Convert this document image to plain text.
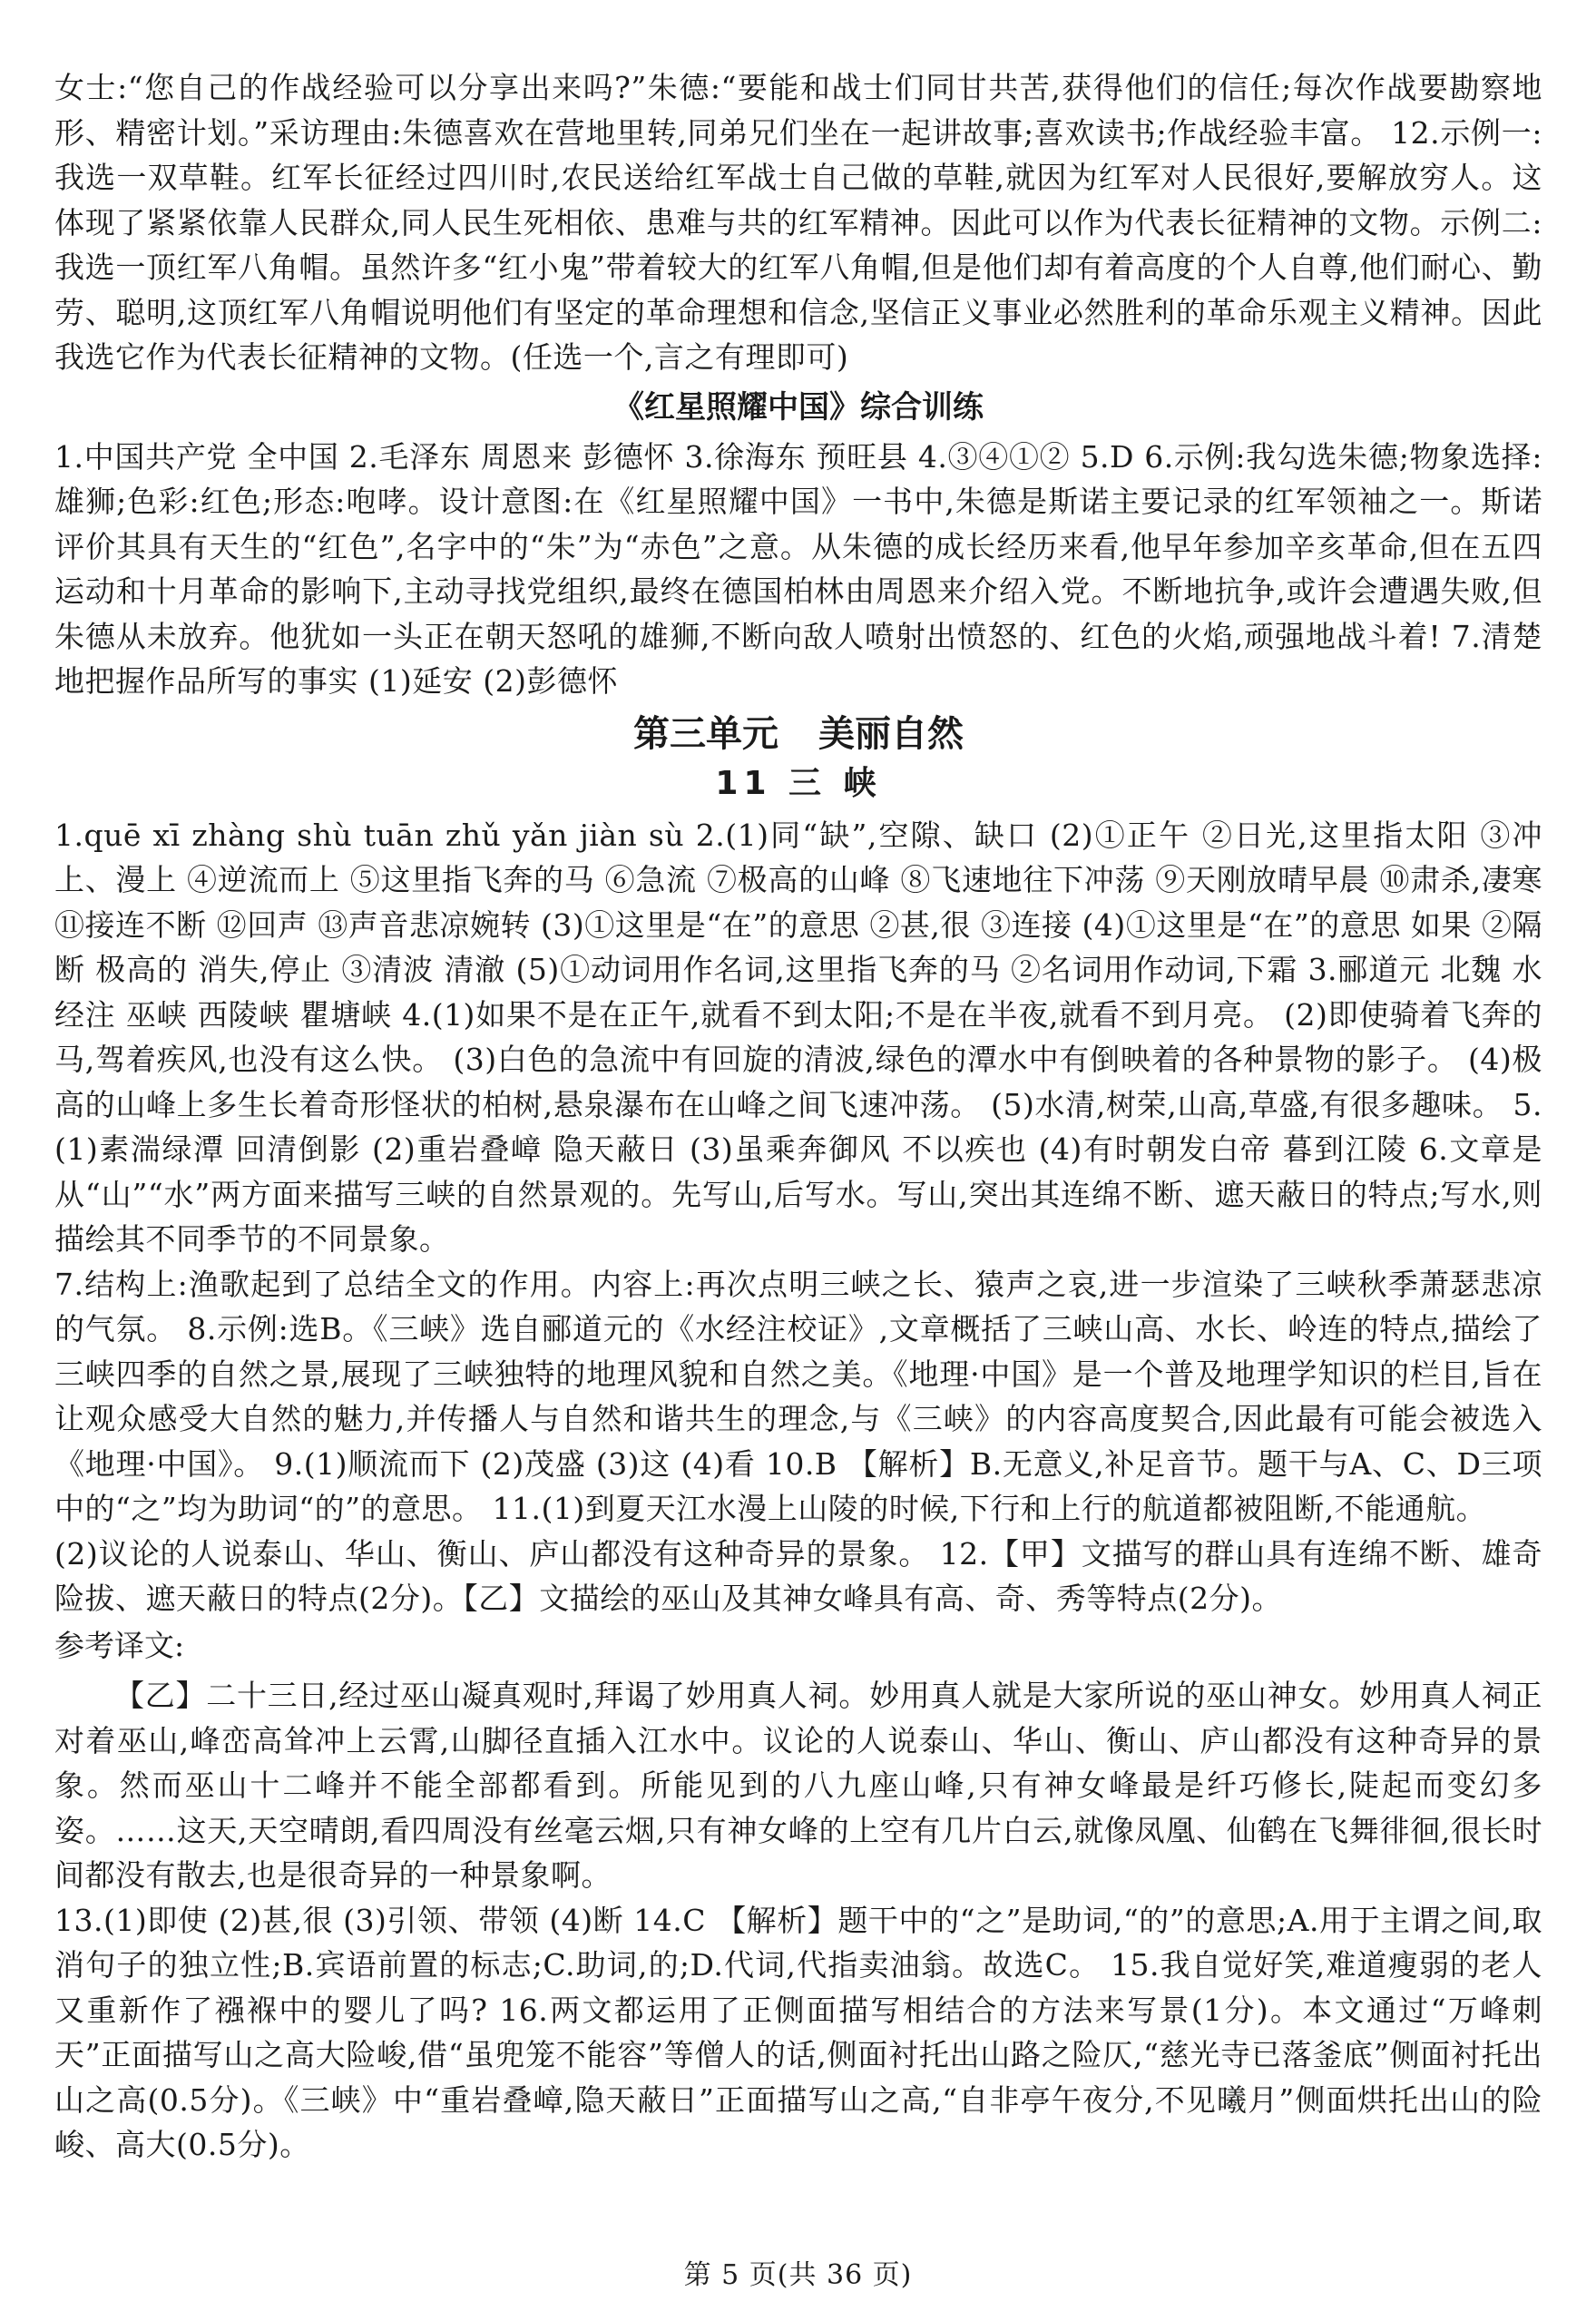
女士:“您自己的作战经验可以分享出来吗?”朱德:“要能和战士们同甘共苦,获得他们的信任;每次作战要勘察地形、精密计划。”采访理由:朱德喜欢在营地里转,同弟兄们坐在一起讲故事;喜欢读书;作战经验丰富。 12.示例一:我选一双草鞋。红军长征经过四川时,农民送给红军战士自己做的草鞋,就因为红军对人民很好,要解放穷人。这体现了紧紧依靠人民群众,同人民生死相依、患难与共的红军精神。因此可以作为代表长征精神的文物。示例二:我选一顶红军八角帽。虽然许多“红小鬼”带着较大的红军八角帽,但是他们却有着高度的个人自尊,他们耐心、勤劳、聪明,这顶红军八角帽说明他们有坚定的革命理想和信念,坚信正义事业必然胜利的革命乐观主义精神。因此我选它作为代表长征精神的文物。(任选一个,言之有理即可)

《红星照耀中国》综合训练

1.中国共产党 全中国 2.毛泽东 周恩来 彭德怀 3.徐海东 预旺县 4.③④①② 5.D 6.示例:我勾选朱德;物象选择:雄狮;色彩:红色;形态:咆哮。设计意图:在《红星照耀中国》一书中,朱德是斯诺主要记录的红军领袖之一。斯诺评价其具有天生的“红色”,名字中的“朱”为“赤色”之意。从朱德的成长经历来看,他早年参加辛亥革命,但在五四运动和十月革命的影响下,主动寻找党组织,最终在德国柏林由周恩来介绍入党。不断地抗争,或许会遭遇失败,但朱德从未放弃。他犹如一头正在朝天怒吼的雄狮,不断向敌人喷射出愤怒的、红色的火焰,顽强地战斗着! 7.清楚地把握作品所写的事实 (1)延安 (2)彭德怀

第三单元 美丽自然
11 三 峡

1.quē xī zhàng shù tuān zhǔ yǎn jiàn sù 2.(1)同“缺”,空隙、缺口 (2)①正午 ②日光,这里指太阳 ③冲上、漫上 ④逆流而上 ⑤这里指飞奔的马 ⑥急流 ⑦极高的山峰 ⑧飞速地往下冲荡 ⑨天刚放晴早晨 ⑩肃杀,凄寒 ⑪接连不断 ⑫回声 ⑬声音悲凉婉转 (3)①这里是“在”的意思 ②甚,很 ③连接 (4)①这里是“在”的意思 如果 ②隔断 极高的 消失,停止 ③清波 清澈 (5)①动词用作名词,这里指飞奔的马 ②名词用作动词,下霜 3.郦道元 北魏 水经注 巫峡 西陵峡 瞿塘峡 4.(1)如果不是在正午,就看不到太阳;不是在半夜,就看不到月亮。 (2)即使骑着飞奔的马,驾着疾风,也没有这么快。 (3)白色的急流中有回旋的清波,绿色的潭水中有倒映着的各种景物的影子。 (4)极高的山峰上多生长着奇形怪状的柏树,悬泉瀑布在山峰之间飞速冲荡。 (5)水清,树荣,山高,草盛,有很多趣味。 5.(1)素湍绿潭 回清倒影 (2)重岩叠嶂 隐天蔽日 (3)虽乘奔御风 不以疾也 (4)有时朝发白帝 暮到江陵 6.文章是从“山”“水”两方面来描写三峡的自然景观的。先写山,后写水。写山,突出其连绵不断、遮天蔽日的特点;写水,则描绘其不同季节的不同景象。

7.结构上:渔歌起到了总结全文的作用。内容上:再次点明三峡之长、猿声之哀,进一步渲染了三峡秋季萧瑟悲凉的气氛。 8.示例:选B。《三峡》选自郦道元的《水经注校证》,文章概括了三峡山高、水长、岭连的特点,描绘了三峡四季的自然之景,展现了三峡独特的地理风貌和自然之美。《地理·中国》是一个普及地理学知识的栏目,旨在让观众感受大自然的魅力,并传播人与自然和谐共生的理念,与《三峡》的内容高度契合,因此最有可能会被选入《地理·中国》。 9.(1)顺流而下 (2)茂盛 (3)这 (4)看 10.B 【解析】B.无意义,补足音节。题干与A、C、D三项中的“之”均为助词“的”的意思。 11.(1)到夏天江水漫上山陵的时候,下行和上行的航道都被阻断,不能通航。

(2)议论的人说泰山、华山、衡山、庐山都没有这种奇异的景象。 12.【甲】文描写的群山具有连绵不断、雄奇险拔、遮天蔽日的特点(2分)。【乙】文描绘的巫山及其神女峰具有高、奇、秀等特点(2分)。

参考译文:

【乙】二十三日,经过巫山凝真观时,拜谒了妙用真人祠。妙用真人就是大家所说的巫山神女。妙用真人祠正对着巫山,峰峦高耸冲上云霄,山脚径直插入江水中。议论的人说泰山、华山、衡山、庐山都没有这种奇异的景象。然而巫山十二峰并不能全部都看到。所能见到的八九座山峰,只有神女峰最是纤巧修长,陡起而变幻多姿。……这天,天空晴朗,看四周没有丝毫云烟,只有神女峰的上空有几片白云,就像凤凰、仙鹤在飞舞徘徊,很长时间都没有散去,也是很奇异的一种景象啊。

13.(1)即使 (2)甚,很 (3)引领、带领 (4)断 14.C 【解析】题干中的“之”是助词,“的”的意思;A.用于主谓之间,取消句子的独立性;B.宾语前置的标志;C.助词,的;D.代词,代指卖油翁。故选C。 15.我自觉好笑,难道瘦弱的老人又重新作了襁褓中的婴儿了吗? 16.两文都运用了正侧面描写相结合的方法来写景(1分)。本文通过“万峰刺天”正面描写山之高大险峻,借“虽兜笼不能容”等僧人的话,侧面衬托出山路之险仄,“慈光寺已落釜底”侧面衬托出山之高(0.5分)。《三峡》中“重岩叠嶂,隐天蔽日”正面描写山之高,“自非亭午夜分,不见曦月”侧面烘托出山的险峻、高大(0.5分)。

第 5 页(共 36 页)
